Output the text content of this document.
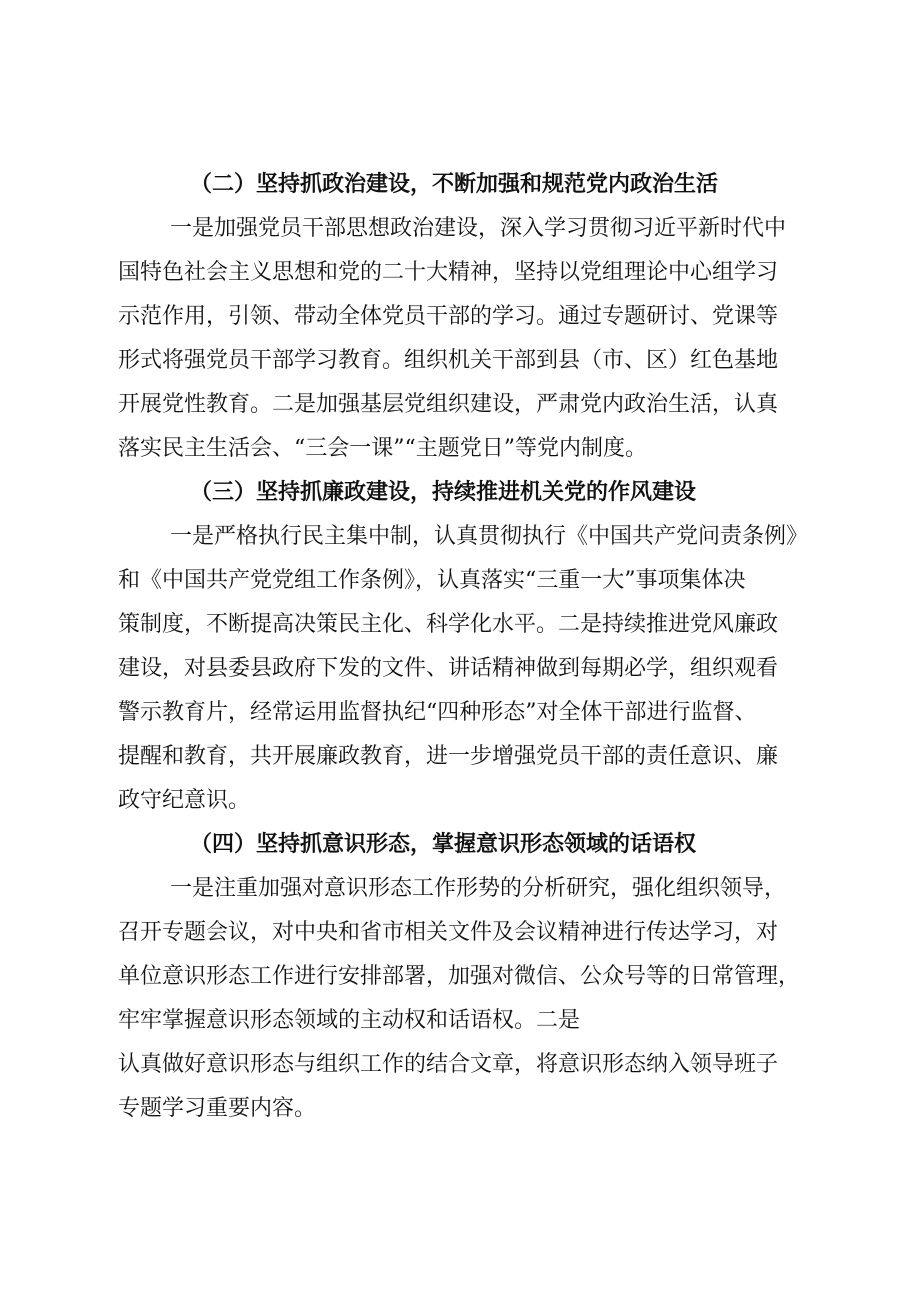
（二）坚持抓政治建设，不断加强和规范党内政治生活
一是加强党员干部思想政治建设，深入学习贯彻习近平新时代中
国特色社会主义思想和党的二十大精神，坚持以党组理论中心组学习
示范作用，引领、带动全体党员干部的学习。通过专题研讨、党课等
形式将强党员干部学习教育。组织机关干部到县（市、区）红色基地
开展党性教育。二是加强基层党组织建设，严肃党内政治生活，认真
落实民主生活会、“三会一课”“主题党日”等党内制度。
（三）坚持抓廉政建设，持续推进机关党的作风建设
一是严格执行民主集中制，认真贯彻执行《中国共产党问责条例》
和《中国共产党党组工作条例》，认真落实“三重一大”事项集体决
策制度，不断提高决策民主化、科学化水平。二是持续推进党风廉政
建设，对县委县政府下发的文件、讲话精神做到每期必学，组织观看
警示教育片，经常运用监督执纪“四种形态”对全体干部进行监督、
提醒和教育，共开展廉政教育，进一步增强党员干部的责任意识、廉
政守纪意识。
（四）坚持抓意识形态，掌握意识形态领域的话语权
一是注重加强对意识形态工作形势的分析研究，强化组织领导，
召开专题会议，对中央和省市相关文件及会议精神进行传达学习，对
单位意识形态工作进行安排部署，加强对微信、公众号等的日常管理，
牢牢掌握意识形态领域的主动权和话语权。二是
认真做好意识形态与组织工作的结合文章，将意识形态纳入领导班子
专题学习重要内容。
